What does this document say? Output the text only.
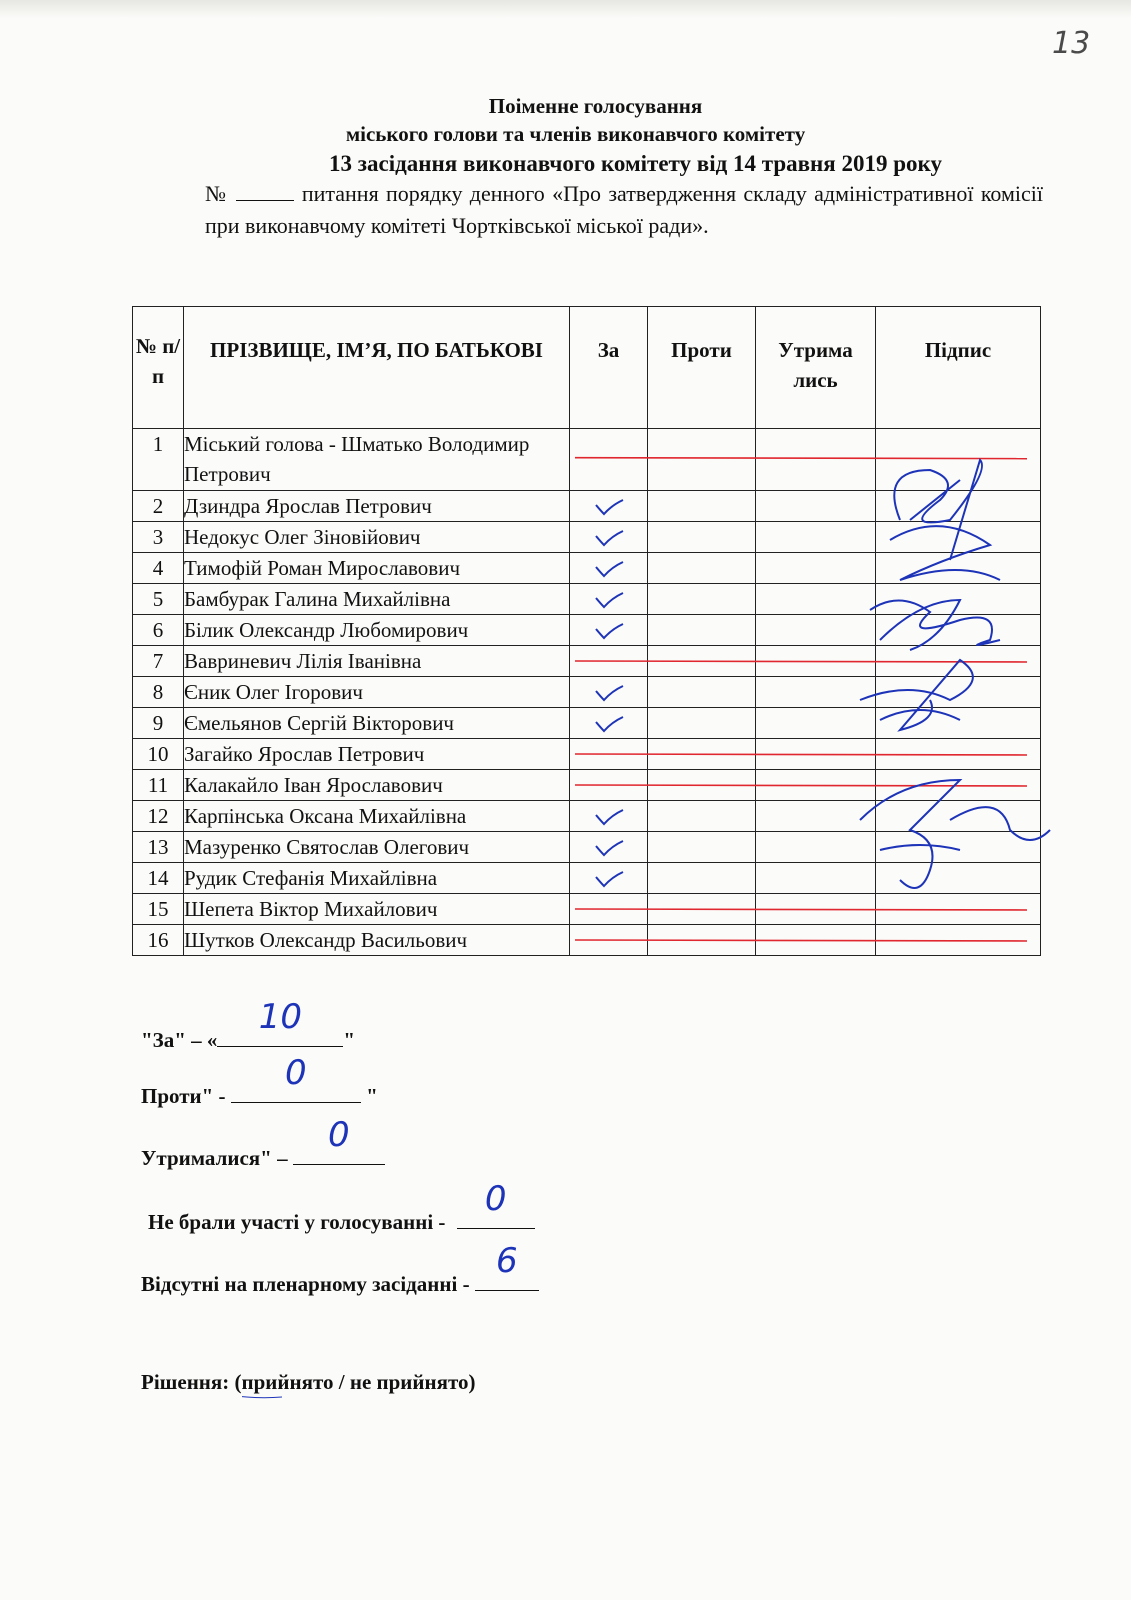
13
Поіменне голосування
міського голови та членів виконавчого комітету
13 засідання виконавчого комітету від 14 травня 2019 року
№	питання порядку денного «Про затвердження складу адміністративної комісії при виконавчому комітеті Чортківської міської ради».
№ п/п	ПРІЗВИЩЕ, ІМ’Я, ПО БАТЬКОВІ	За	Проти	Утрима лись	Підпис
1	Міський голова - Шматько Володимир Петрович				
2	Дзиндра Ярослав Петрович				
3	Недокус Олег Зіновійович				
4	Тимофій Роман Мирославович				
5	Бамбурак Галина Михайлівна				
6	Білик Олександр Любомирович				
7	Вавриневич Лілія Іванівна				
8	Єник Олег Ігорович				
9	Ємельянов Сергій Вікторович				
10	Загайко Ярослав Петрович				
11	Калакайло Іван Ярославович				
12	Карпінська Оксана Михайлівна				
13	Мазуренко Святослав Олегович				
14	Рудик Стефанія Михайлівна				
15	Шепета Віктор Михайлович				
16	Шутков Олександр Васильович				
"За" – «
10
"
Проти" -
0
"
Утрималися" –
0
Не брали участі у голосуванні -
0
Відсутні на пленарному засіданні -
6
Рішення: (прийнято
/ не прийнято)
